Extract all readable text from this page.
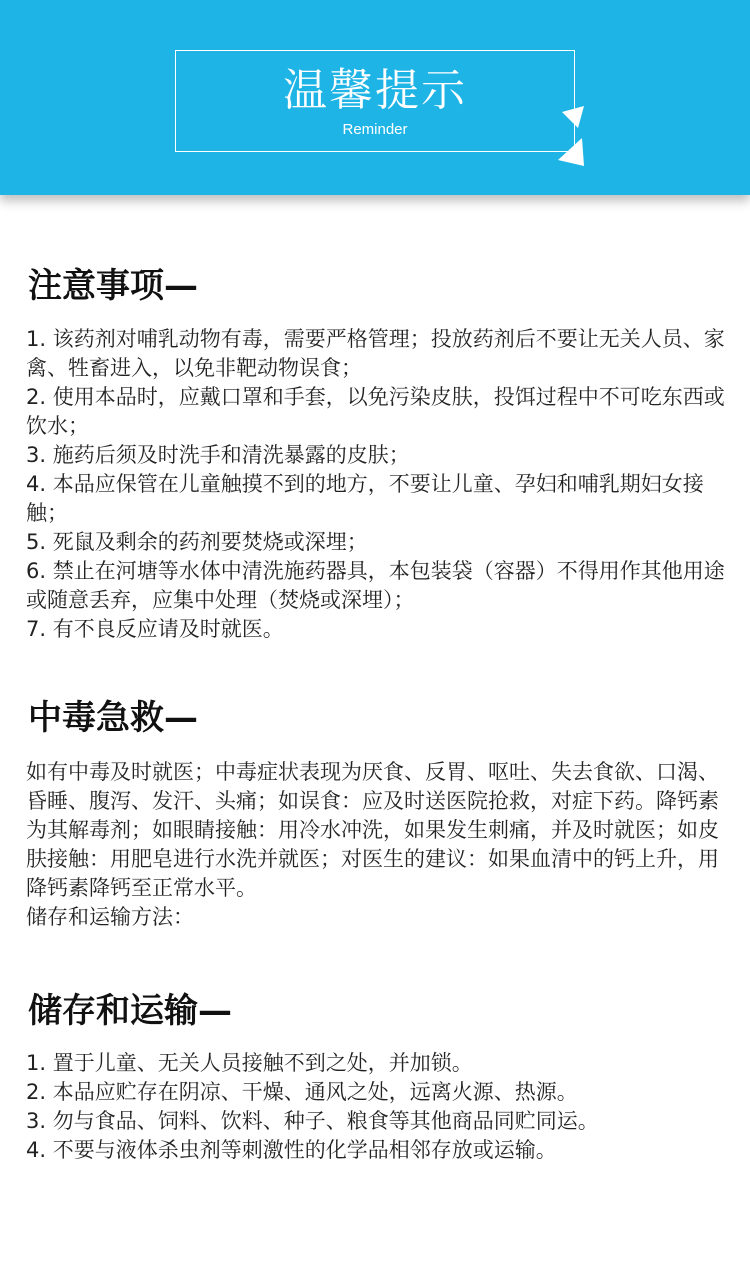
温馨提示
Reminder
注意事项—

1. 该药剂对哺乳动物有毒，需要严格管理；投放药剂后不要让无关人员、家禽、牲畜进入，以免非靶动物误食；

2. 使用本品时，应戴口罩和手套，以免污染皮肤，投饵过程中不可吃东西或饮水；

3. 施药后须及时洗手和清洗暴露的皮肤；

4. 本品应保管在儿童触摸不到的地方，不要让儿童、孕妇和哺乳期妇女接触；

5. 死鼠及剩余的药剂要焚烧或深埋；

6. 禁止在河塘等水体中清洗施药器具，本包装袋（容器）不得用作其他用途或随意丢弃，应集中处理（焚烧或深埋）；

7. 有不良反应请及时就医。

中毒急救—

如有中毒及时就医；中毒症状表现为厌食、反胃、呕吐、失去食欲、口渴、昏睡、腹泻、发汗、头痛；如误食：应及时送医院抢救，对症下药。降钙素为其解毒剂；如眼睛接触：用冷水冲洗，如果发生刺痛，并及时就医；如皮肤接触：用肥皂进行水洗并就医；对医生的建议：如果血清中的钙上升，用降钙素降钙至正常水平。

储存和运输方法：

储存和运输—

1. 置于儿童、无关人员接触不到之处，并加锁。

2. 本品应贮存在阴凉、干燥、通风之处，远离火源、热源。

3. 勿与食品、饲料、饮料、种子、粮食等其他商品同贮同运。

4. 不要与液体杀虫剂等刺激性的化学品相邻存放或运输。
